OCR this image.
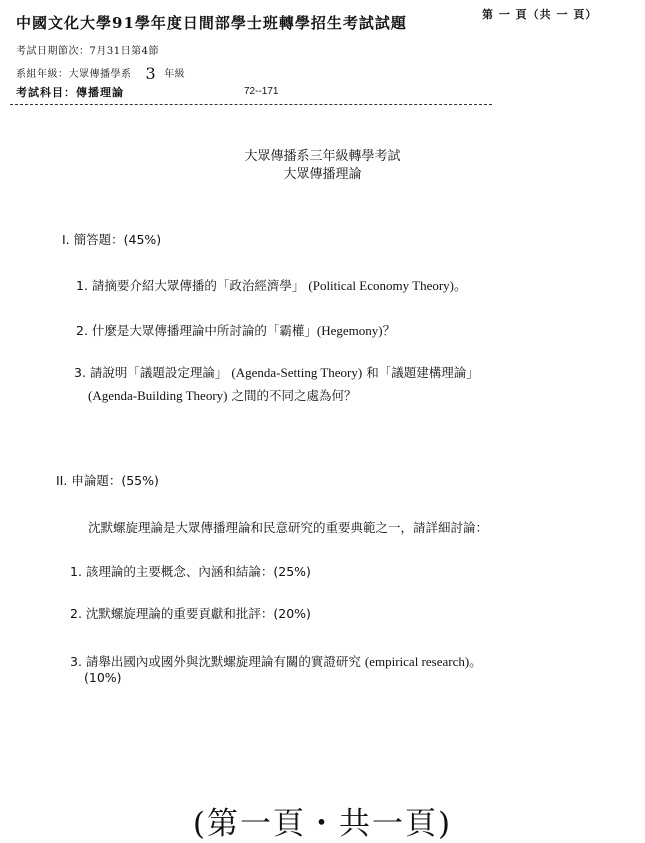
中國文化大學91學年度日間部學士班轉學招生考試試題	第 一 頁（共 一 頁）
考試日期節次：7月31日第4節
系組年級：大眾傳播學系 3 年級
考試科目：傳播理論	72--171
大眾傳播系三年級轉學考試
大眾傳播理論
I. 簡答題：(45%)
1. 請摘要介紹大眾傳播的「政治經濟學」 (Political Economy Theory)。
2. 什麼是大眾傳播理論中所討論的「霸權」(Hegemony)？
3. 請說明「議題設定理論」 (Agenda-Setting Theory) 和「議題建構理論」
(Agenda-Building Theory) 之間的不同之處為何？
II. 申論題：(55%)
沈默螺旋理論是大眾傳播理論和民意研究的重要典範之一，請詳細討論：
1. 該理論的主要概念、內涵和結論：(25%)
2. 沈默螺旋理論的重要貢獻和批評：(20%)
3. 請舉出國內或國外與沈默螺旋理論有關的實證研究 (empirical research)。
(10%)
(第一頁・共一頁)
